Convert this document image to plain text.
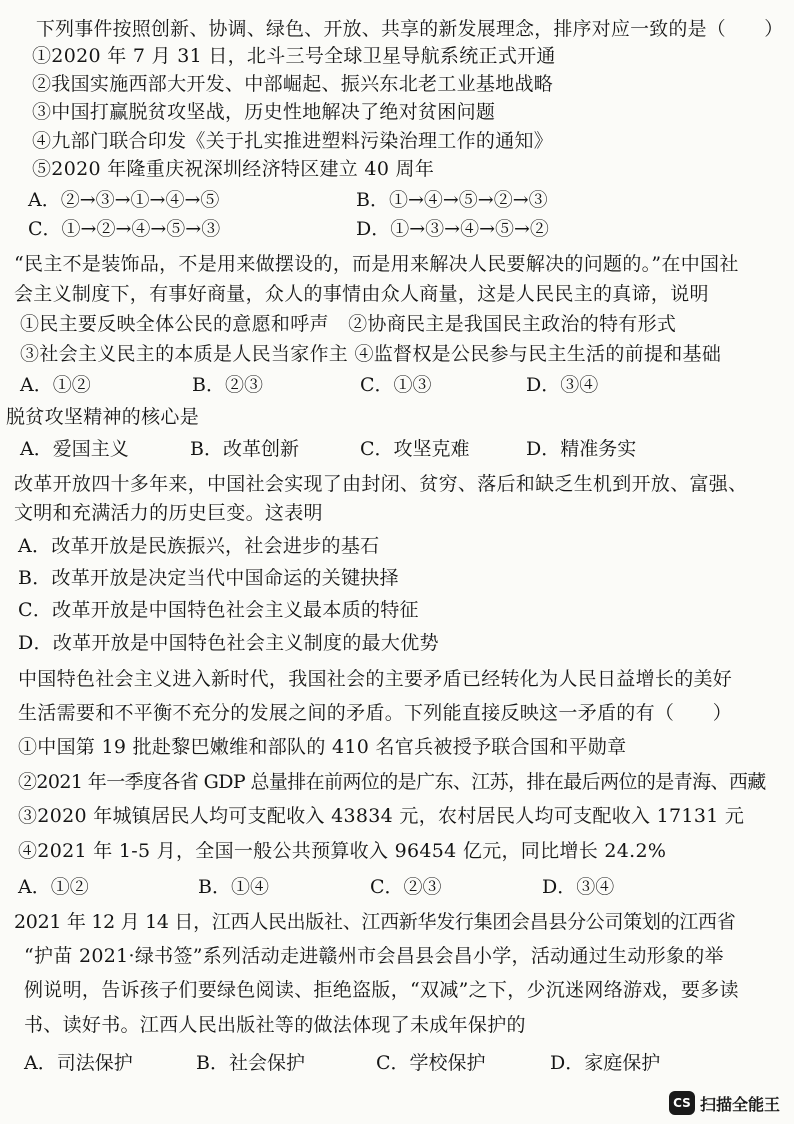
下列事件按照创新、协调、绿色、开放、共享的新发展理念，排序对应一致的是（　　）
①2020 年 7 月 31 日，北斗三号全球卫星导航系统正式开通
②我国实施西部大开发、中部崛起、振兴东北老工业基地战略
③中国打赢脱贫攻坚战，历史性地解决了绝对贫困问题
④九部门联合印发《关于扎实推进塑料污染治理工作的通知》
⑤2020 年隆重庆祝深圳经济特区建立 40 周年
A．②→③→①→④→⑤	B．①→④→⑤→②→③
C．①→②→④→⑤→③	D．①→③→④→⑤→②
“民主不是装饰品，不是用来做摆设的，而是用来解决人民要解决的问题的。”在中国社
会主义制度下，有事好商量，众人的事情由众人商量，这是人民民主的真谛，说明
①民主要反映全体公民的意愿和呼声　②协商民主是我国民主政治的特有形式
③社会主义民主的本质是人民当家作主 ④监督权是公民参与民主生活的前提和基础
A．①②	B．②③	C．①③	D．③④
脱贫攻坚精神的核心是
A．爱国主义	B．改革创新	C．攻坚克难	D．精准务实
改革开放四十多年来，中国社会实现了由封闭、贫穷、落后和缺乏生机到开放、富强、
文明和充满活力的历史巨变。这表明
A．改革开放是民族振兴，社会进步的基石
B．改革开放是决定当代中国命运的关键抉择
C．改革开放是中国特色社会主义最本质的特征
D．改革开放是中国特色社会主义制度的最大优势
中国特色社会主义进入新时代，我国社会的主要矛盾已经转化为人民日益增长的美好
生活需要和不平衡不充分的发展之间的矛盾。下列能直接反映这一矛盾的有（　　）
①中国第 19 批赴黎巴嫩维和部队的 410 名官兵被授予联合国和平勋章
②2021 年一季度各省 GDP 总量排在前两位的是广东、江苏，排在最后两位的是青海、西藏
③2020 年城镇居民人均可支配收入 43834 元，农村居民人均可支配收入 17131 元
④2021 年 1-5 月，全国一般公共预算收入 96454 亿元，同比增长 24.2%
A．①②	B．①④	C．②③	D．③④
2021 年 12 月 14 日，江西人民出版社、江西新华发行集团会昌县分公司策划的江西省
“护苗 2021·绿书签”系列活动走进赣州市会昌县会昌小学，活动通过生动形象的举
例说明，告诉孩子们要绿色阅读、拒绝盗版，“双减”之下，少沉迷网络游戏，要多读
书、读好书。江西人民出版社等的做法体现了未成年保护的
A．司法保护	B．社会保护	C．学校保护	D．家庭保护
CS 扫描全能王
